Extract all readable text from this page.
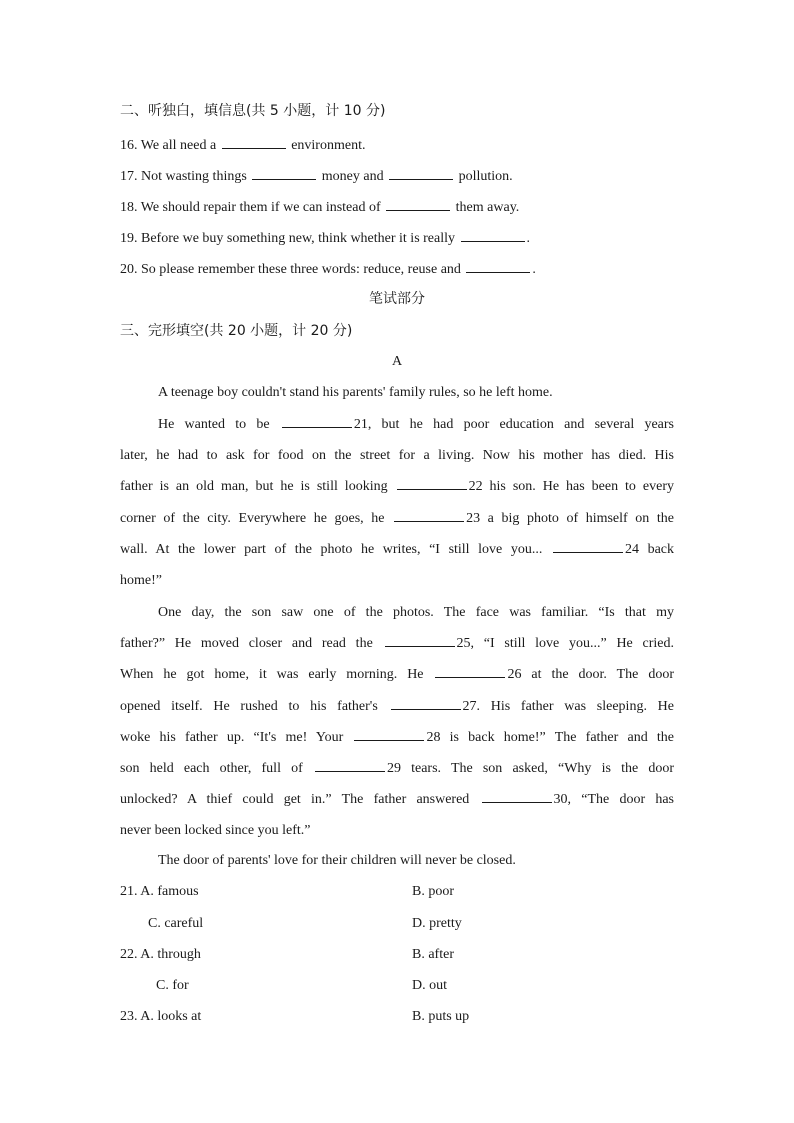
二、听独白，填信息(共 5 小题，计 10 分)
16. We all need a	environment.
17. Not wasting things	money and	pollution.
18. We should repair them if we can instead of	them away.
19. Before we buy something new, think whether it is really	.
20. So please remember these three words: reduce, reuse and	.
笔试部分
三、完形填空(共 20 小题，计 20 分)
A
A teenage boy couldn't stand his parents' family rules, so he left home.
He wanted to be	21, but he had poor education and several years
later, he had to ask for food on the street for a living. Now his mother has died. His
father is an old man, but he is still looking	22 his son. He has been to every
corner of the city. Everywhere he goes, he	23 a big photo of himself on the
wall. At the lower part of the photo he writes, “I still love you...	24 back
home!”
One day, the son saw one of the photos. The face was familiar. “Is that my
father?” He moved closer and read the	25, “I still love you...” He cried.
When he got home, it was early morning. He	26 at the door. The door
opened itself. He rushed to his father's	27. His father was sleeping. He
woke his father up. “It's me! Your	28 is back home!” The father and the
son held each other, full of	29 tears. The son asked, “Why is the door
unlocked? A thief could get in.” The father answered	30, “The door has
never been locked since you left.”
The door of parents' love for their children will never be closed.
21. A. famous	B. poor
C. careful	D. pretty
22. A. through	B. after
C. for	D. out
23. A. looks at	B. puts up
